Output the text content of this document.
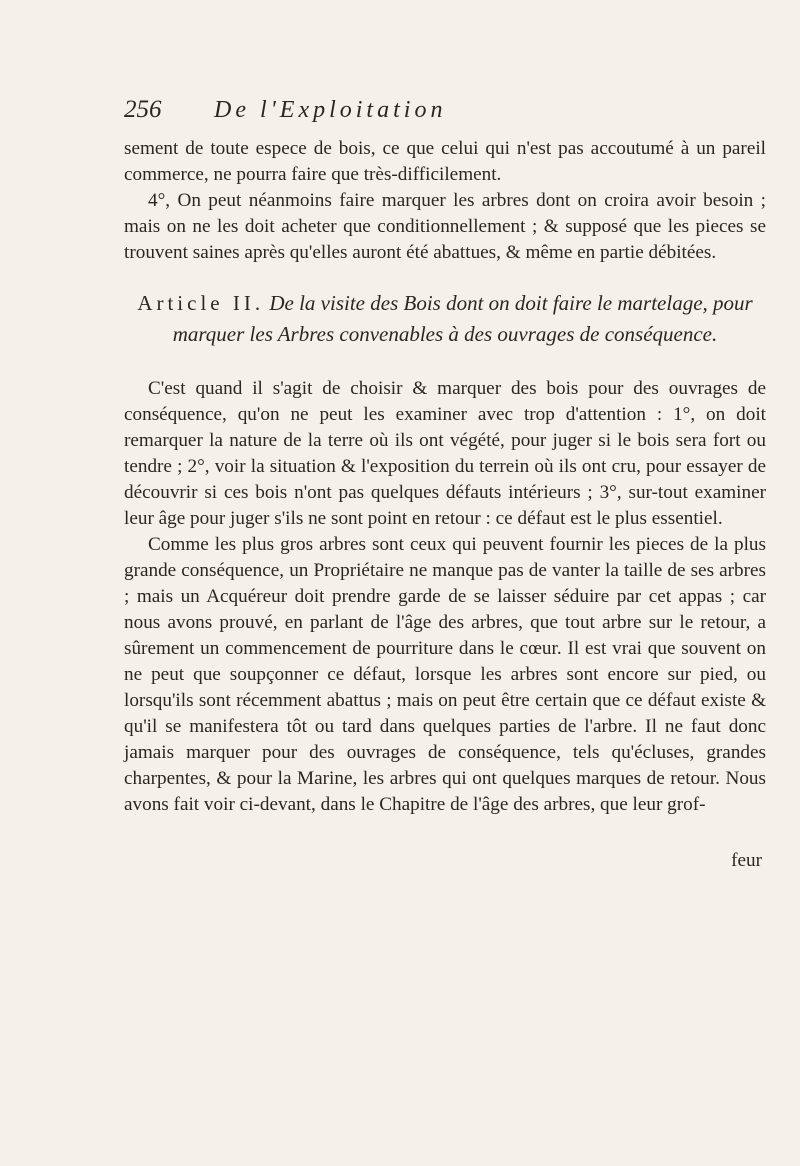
256	De l'Exploitation

sement de toute espece de bois, ce que celui qui n'est pas accoutumé à un pareil commerce, ne pourra faire que très-difficilement.

4°, On peut néanmoins faire marquer les arbres dont on croira avoir besoin ; mais on ne les doit acheter que conditionnellement ; & supposé que les pieces se trouvent saines après qu'elles auront été abattues, & même en partie débitées.

Article II. De la visite des Bois dont on doit faire le martelage, pour marquer les Arbres convenables à des ouvrages de conséquence.

C'est quand il s'agit de choisir & marquer des bois pour des ouvrages de conséquence, qu'on ne peut les examiner avec trop d'attention : 1°, on doit remarquer la nature de la terre où ils ont végété, pour juger si le bois sera fort ou tendre ; 2°, voir la situation & l'exposition du terrein où ils ont cru, pour essayer de découvrir si ces bois n'ont pas quelques défauts intérieurs ; 3°, sur-tout examiner leur âge pour juger s'ils ne sont point en retour : ce défaut est le plus essentiel.

Comme les plus gros arbres sont ceux qui peuvent fournir les pieces de la plus grande conséquence, un Propriétaire ne manque pas de vanter la taille de ses arbres ; mais un Acquéreur doit prendre garde de se laisser séduire par cet appas ; car nous avons prouvé, en parlant de l'âge des arbres, que tout arbre sur le retour, a sûrement un commencement de pourriture dans le cœur. Il est vrai que souvent on ne peut que soupçonner ce défaut, lorsque les arbres sont encore sur pied, ou lorsqu'ils sont récemment abattus ; mais on peut être certain que ce défaut existe & qu'il se manifestera tôt ou tard dans quelques parties de l'arbre. Il ne faut donc jamais marquer pour des ouvrages de conséquence, tels qu'écluses, grandes charpentes, & pour la Marine, les arbres qui ont quelques marques de retour. Nous avons fait voir ci-devant, dans le Chapitre de l'âge des arbres, que leur grof-

feur
